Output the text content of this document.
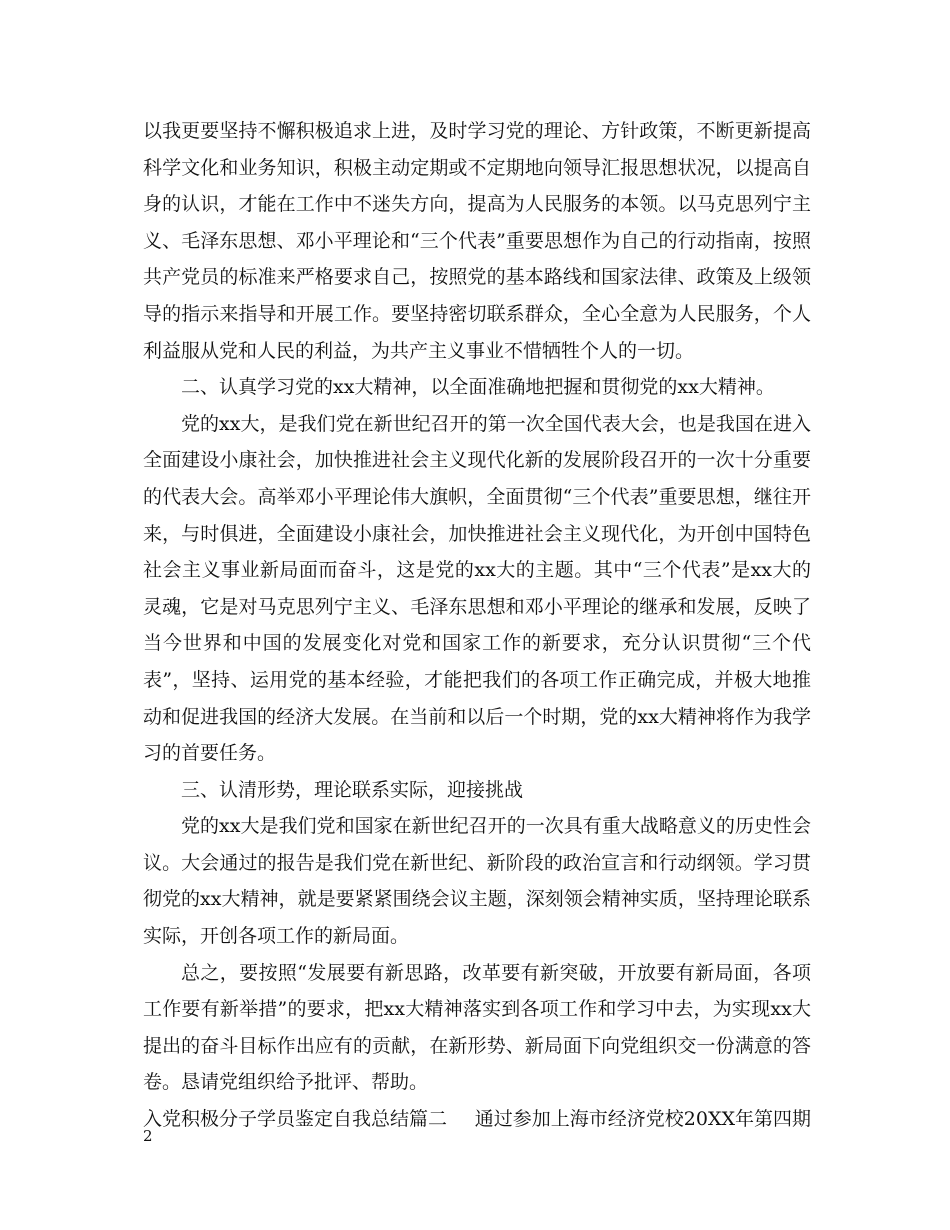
以我更要坚持不懈积极追求上进，及时学习党的理论、方针政策，不断更新提高科学文化和业务知识，积极主动定期或不定期地向领导汇报思想状况，以提高自身的认识，才能在工作中不迷失方向，提高为人民服务的本领。以马克思列宁主义、毛泽东思想、邓小平理论和“三个代表”重要思想作为自己的行动指南，按照共产党员的标准来严格要求自己，按照党的基本路线和国家法律、政策及上级领导的指示来指导和开展工作。要坚持密切联系群众，全心全意为人民服务，个人利益服从党和人民的利益，为共产主义事业不惜牺牲个人的一切。

二、认真学习党的xx大精神，以全面准确地把握和贯彻党的xx大精神。

党的xx大，是我们党在新世纪召开的第一次全国代表大会，也是我国在进入全面建设小康社会，加快推进社会主义现代化新的发展阶段召开的一次十分重要的代表大会。高举邓小平理论伟大旗帜，全面贯彻“三个代表”重要思想，继往开来，与时俱进，全面建设小康社会，加快推进社会主义现代化，为开创中国特色社会主义事业新局面而奋斗，这是党的xx大的主题。其中“三个代表”是xx大的灵魂，它是对马克思列宁主义、毛泽东思想和邓小平理论的继承和发展，反映了当今世界和中国的发展变化对党和国家工作的新要求，充分认识贯彻“三个代表”，坚持、运用党的基本经验，才能把我们的各项工作正确完成，并极大地推动和促进我国的经济大发展。在当前和以后一个时期，党的xx大精神将作为我学习的首要任务。

三、认清形势，理论联系实际，迎接挑战

党的xx大是我们党和国家在新世纪召开的一次具有重大战略意义的历史性会议。大会通过的报告是我们党在新世纪、新阶段的政治宣言和行动纲领。学习贯彻党的xx大精神，就是要紧紧围绕会议主题，深刻领会精神实质，坚持理论联系实际，开创各项工作的新局面。

总之，要按照“发展要有新思路，改革要有新突破，开放要有新局面，各项工作要有新举措”的要求，把xx大精神落实到各项工作和学习中去，为实现xx大提出的奋斗目标作出应有的贡献，在新形势、新局面下向党组织交一份满意的答卷。恳请党组织给予批评、帮助。

入党积极分子学员鉴定自我总结篇二 通过参加上海市经济党校20XX年第四期
2
